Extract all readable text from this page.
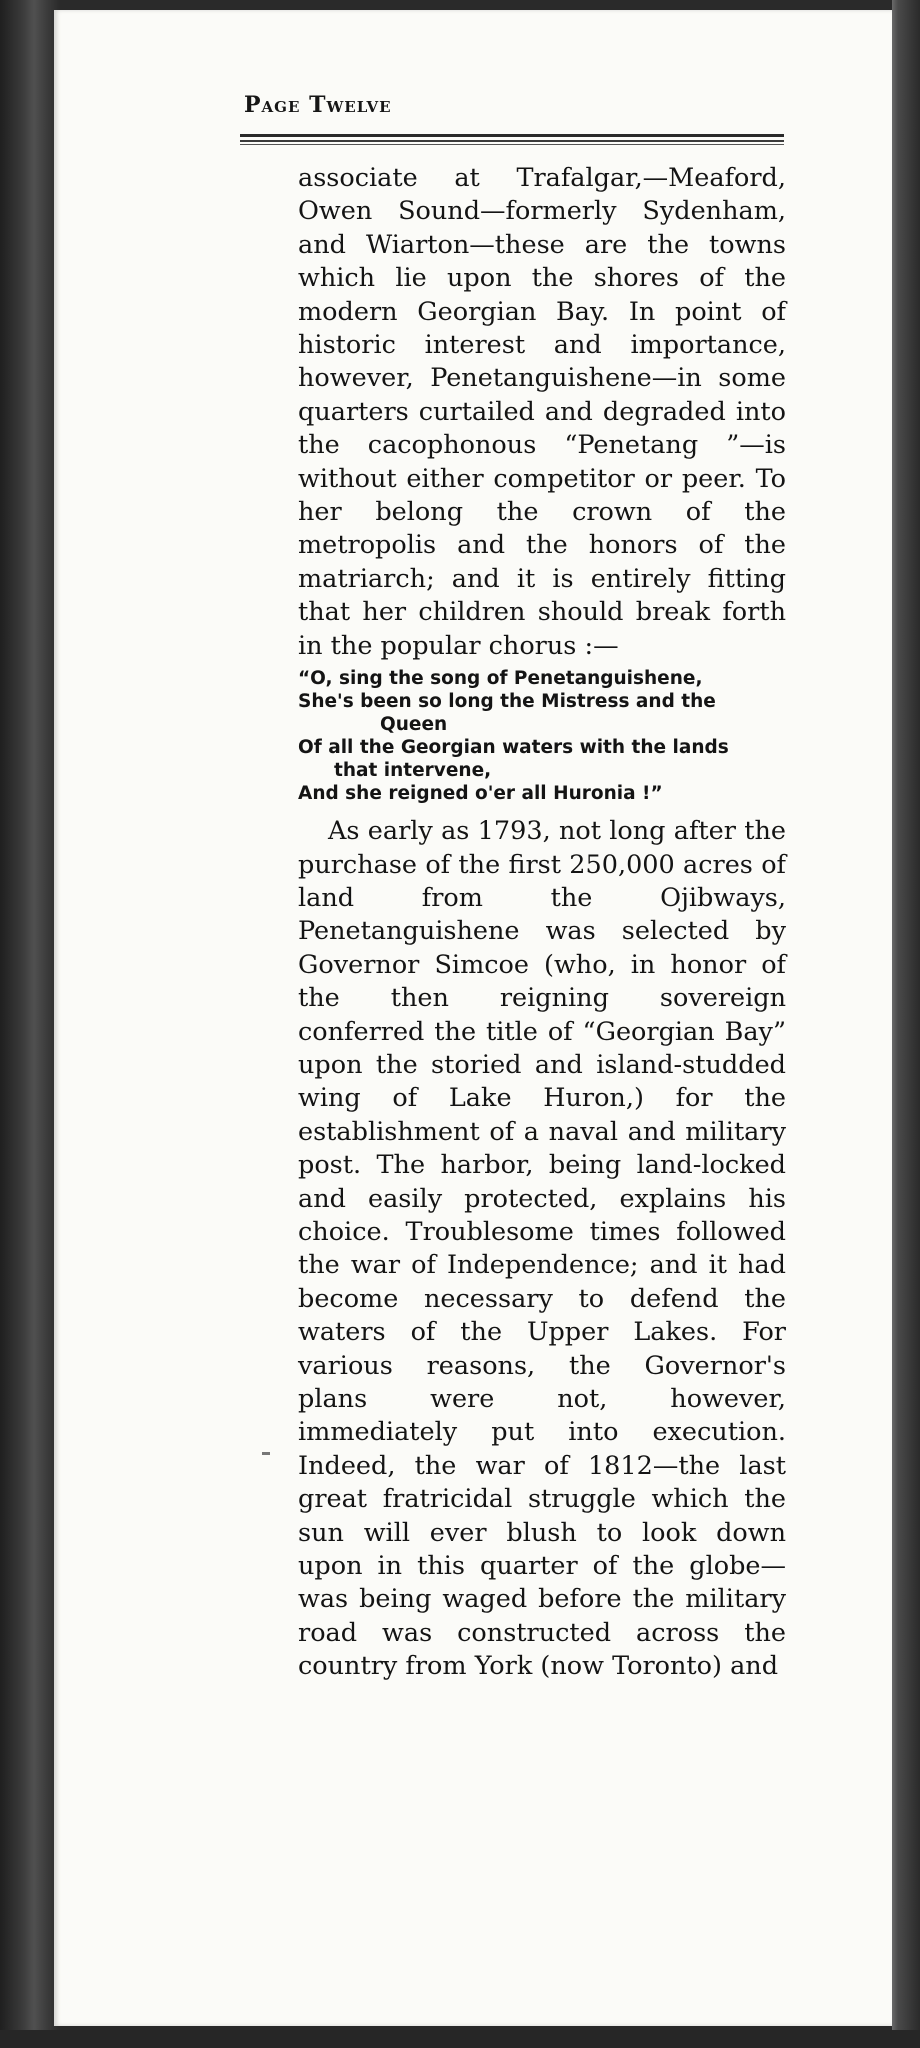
Page Twelve

associate at Trafalgar,—Meaford, Owen Sound—formerly Sydenham, and Wiarton—these are the towns which lie upon the shores of the modern Georgian Bay. In point of historic interest and importance, however, Penetanguishene—in some quarters curtailed and degraded into the cacophonous “Penetang ”—is without either competitor or peer. To her belong the crown of the metropolis and the honors of the matriarch; and it is entirely fitting that her children should break forth in the popular chorus :—

“O, sing the song of Penetanguishene,

She's been so long the Mistress and the

Queen

Of all the Georgian waters with the lands

that intervene,

And she reigned o'er all Huronia !”

As early as 1793, not long after the purchase of the first 250,000 acres of land from the Ojibways, Penetanguishene was selected by Governor Simcoe (who, in honor of the then reigning sovereign conferred the title of “Georgian Bay” upon the storied and island-studded wing of Lake Huron,) for the establishment of a naval and military post. The harbor, being land-locked and easily protected, explains his choice. Troublesome times followed the war of Independence; and it had become necessary to defend the waters of the Upper Lakes. For various reasons, the Governor's plans were not, however, immediately put into execution. Indeed, the war of 1812—the last great fratricidal struggle which the sun will ever blush to look down upon in this quarter of the globe—was being waged before the military road was constructed across the country from York (now Toronto) and
